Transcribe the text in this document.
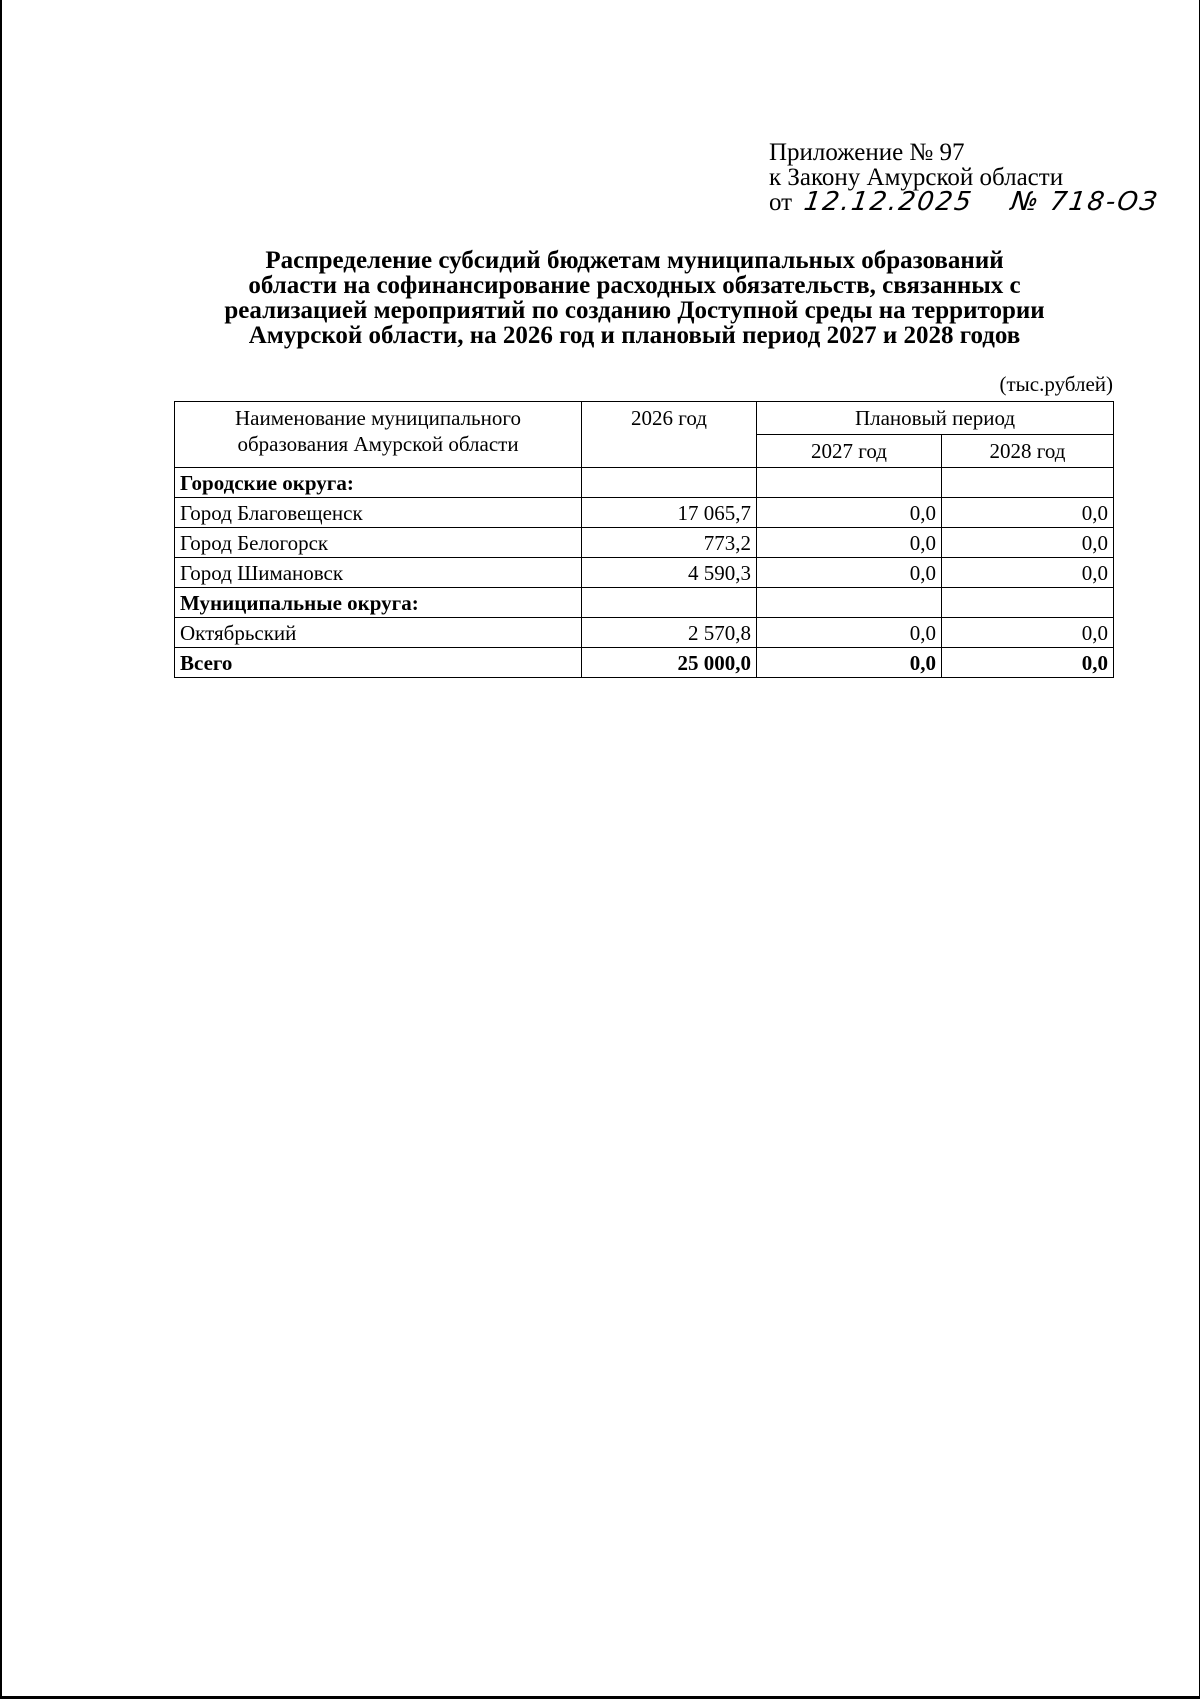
Приложение № 97
к Закону Амурской области
от 12.12.2025 № 718-ОЗ
Распределение субсидий бюджетам муниципальных образований
области на софинансирование расходных обязательств, связанных с
реализацией мероприятий по созданию Доступной среды на территории
Амурской области, на 2026 год и плановый период 2027 и 2028 годов
(тыс.рублей)
Наименование муниципального образования Амурской области	2026 год	Плановый период	
		2027 год	2028 год
Городские округа:			
Город Благовещенск	17 065,7	0,0	0,0
Город Белогорск	773,2	0,0	0,0
Город Шимановск	4 590,3	0,0	0,0
Муниципальные округа:			
Октябрьский	2 570,8	0,0	0,0
Всего	25 000,0	0,0	0,0
